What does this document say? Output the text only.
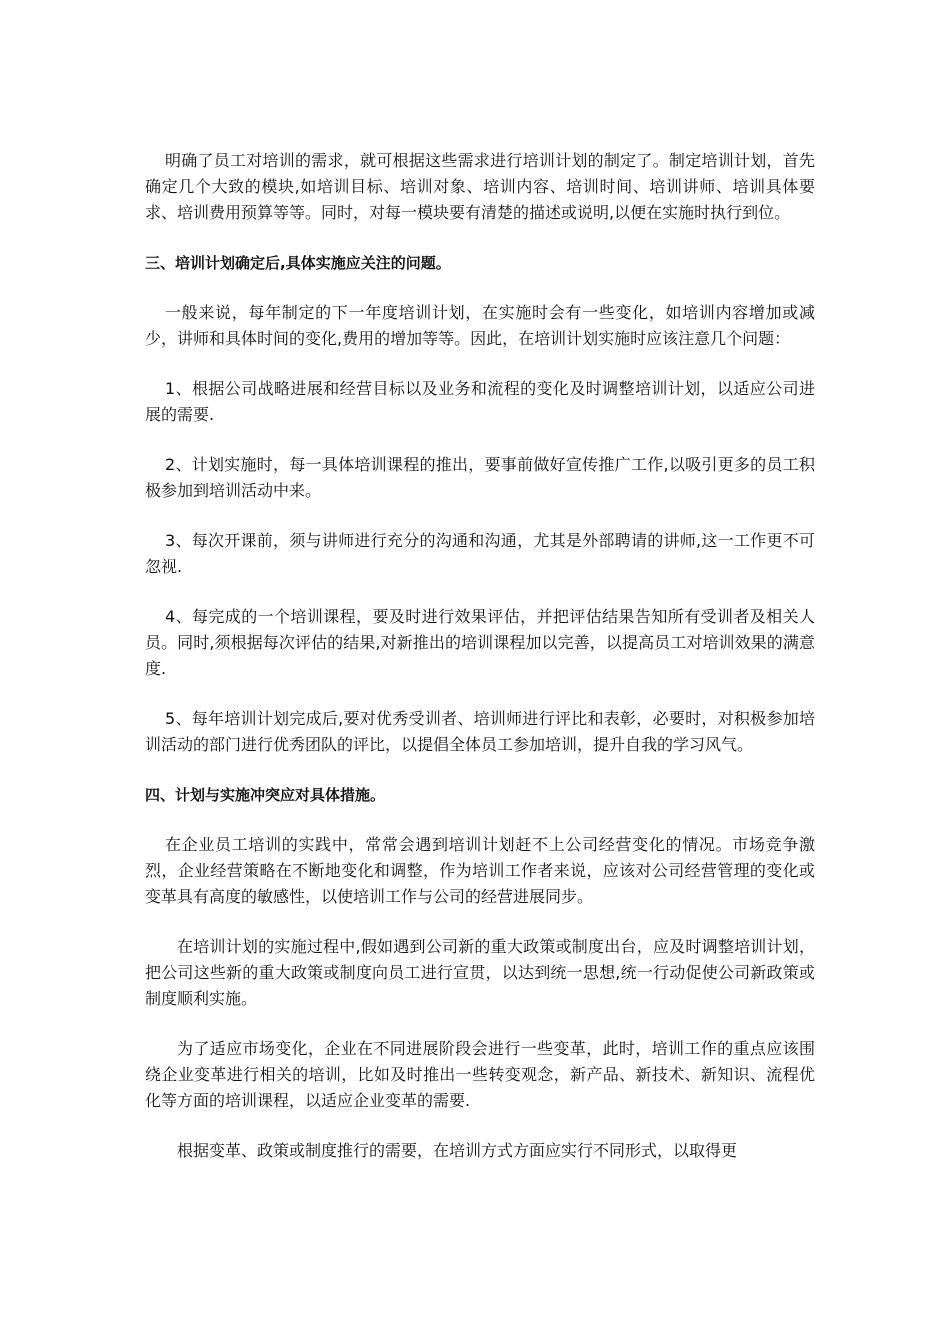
明确了员工对培训的需求，就可根据这些需求进行培训计划的制定了。制定培训计划，首先确定几个大致的模块,如培训目标、培训对象、培训内容、培训时间、培训讲师、培训具体要求、培训费用预算等等。同时，对每一模块要有清楚的描述或说明,以便在实施时执行到位。

三、培训计划确定后,具体实施应关注的问题。

一般来说，每年制定的下一年度培训计划，在实施时会有一些变化，如培训内容增加或减少，讲师和具体时间的变化,费用的增加等等。因此，在培训计划实施时应该注意几个问题：

1、根据公司战略进展和经营目标以及业务和流程的变化及时调整培训计划，以适应公司进展的需要.

2、计划实施时，每一具体培训课程的推出，要事前做好宣传推广工作,以吸引更多的员工积极参加到培训活动中来。

3、每次开课前，须与讲师进行充分的沟通和沟通，尤其是外部聘请的讲师,这一工作更不可忽视.

4、每完成的一个培训课程，要及时进行效果评估，并把评估结果告知所有受训者及相关人员。同时,须根据每次评估的结果,对新推出的培训课程加以完善，以提高员工对培训效果的满意度.

5、每年培训计划完成后,要对优秀受训者、培训师进行评比和表彰，必要时，对积极参加培训活动的部门进行优秀团队的评比，以提倡全体员工参加培训，提升自我的学习风气。

四、计划与实施冲突应对具体措施。

在企业员工培训的实践中，常常会遇到培训计划赶不上公司经营变化的情况。市场竞争激烈，企业经营策略在不断地变化和调整，作为培训工作者来说，应该对公司经营管理的变化或变革具有高度的敏感性，以使培训工作与公司的经营进展同步。

在培训计划的实施过程中,假如遇到公司新的重大政策或制度出台，应及时调整培训计划，把公司这些新的重大政策或制度向员工进行宣贯，以达到统一思想,统一行动促使公司新政策或制度顺利实施。

为了适应市场变化，企业在不同进展阶段会进行一些变革，此时，培训工作的重点应该围绕企业变革进行相关的培训，比如及时推出一些转变观念，新产品、新技术、新知识、流程优化等方面的培训课程，以适应企业变革的需要.

根据变革、政策或制度推行的需要，在培训方式方面应实行不同形式，以取得更
